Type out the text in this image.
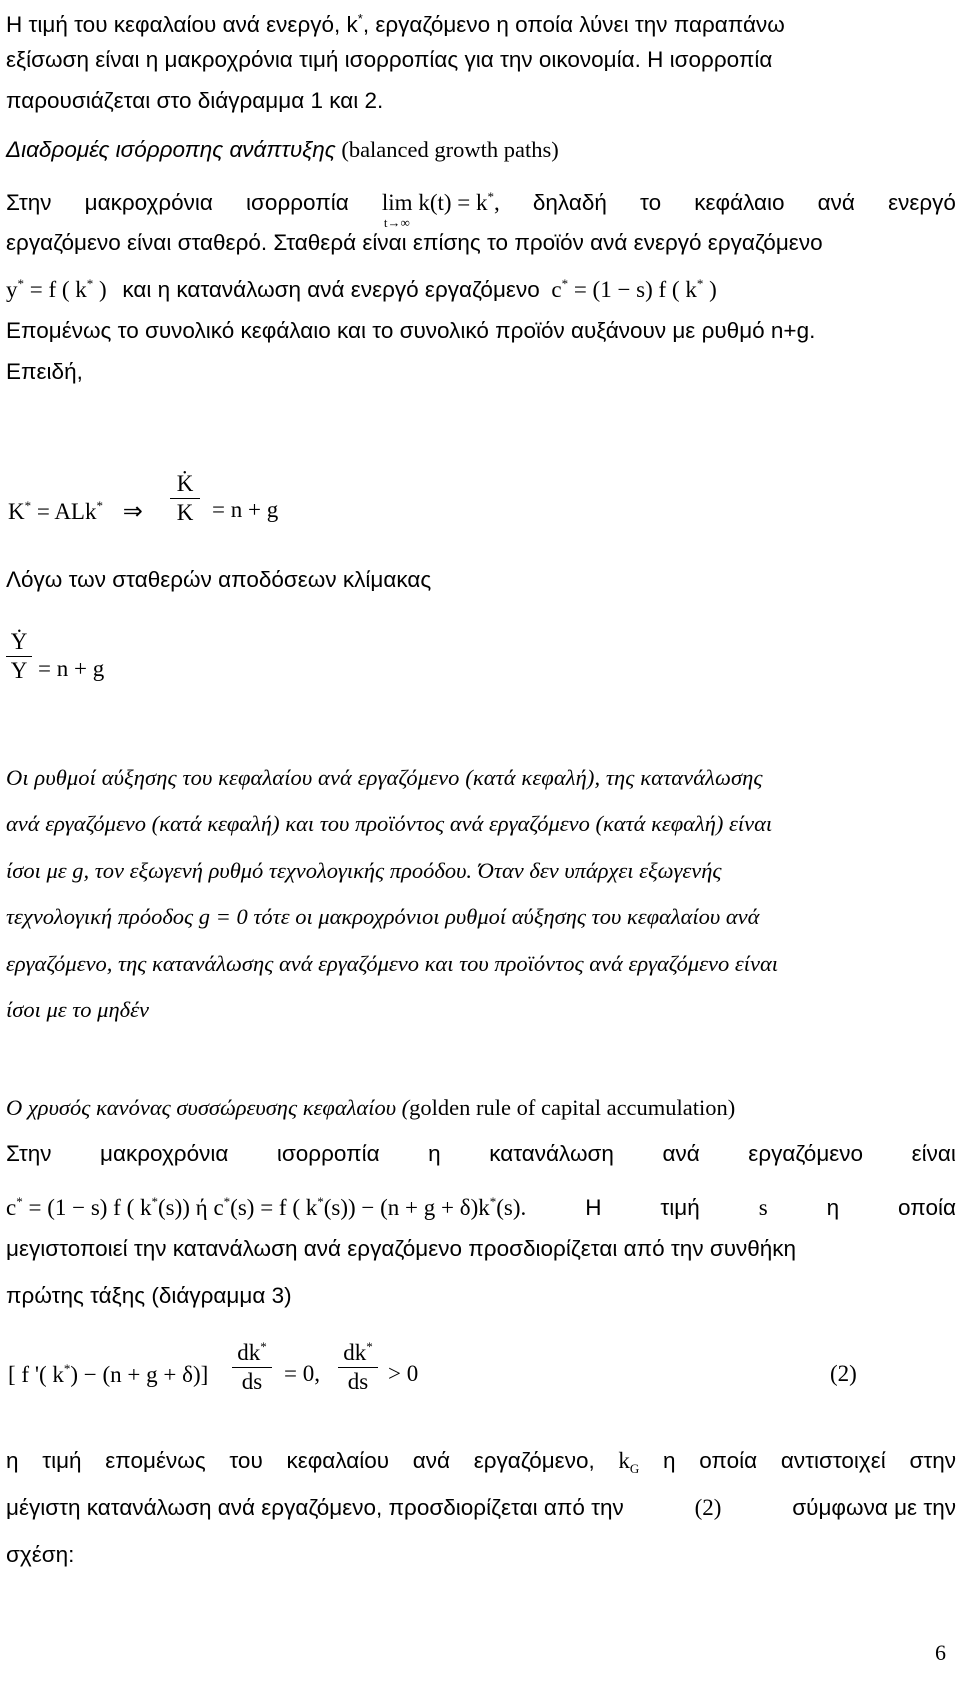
Η τιμή του κεφαλαίου ανά ενεργό, k*, εργαζόμενο η οποία λύνει την παραπάνω
εξίσωση είναι η μακροχρόνια τιμή ισορροπίας για την οικονομία. Η ισορροπία
παρουσιάζεται στο διάγραμμα 1 και 2.
Διαδρομές ισόρροπης ανάπτυξης (balanced growth paths)
Στην μακροχρόνια ισορροπία lim
t→∞
k(t) = k*, δηλαδή το κεφάλαιο ανά ενεργό
εργαζόμενο είναι σταθερό. Σταθερά είναι επίσης το προϊόν ανά ενεργό εργαζόμενο
y* = f ( k* ) και η κατανάλωση ανά ενεργό εργαζόμενο c* = (1 − s) f ( k* )
Επομένως το συνολικό κεφάλαιο και το συνολικό προϊόν αυξάνουν με ρυθμό n+g.
Επειδή,
K* = ALk* ⇒
K̇
K = n + g
Λόγω των σταθερών αποδόσεων κλίμακας
Ẏ
Y = n + g
Οι ρυθμοί αύξησης του κεφαλαίου ανά εργαζόμενο (κατά κεφαλή), της κατανάλωσης
ανά εργαζόμενο (κατά κεφαλή) και του προϊόντος ανά εργαζόμενο (κατά κεφαλή) είναι
ίσοι με g, τον εξωγενή ρυθμό τεχνολογικής προόδου. Όταν δεν υπάρχει εξωγενής
τεχνολογική πρόοδος g = 0 τότε οι μακροχρόνιοι ρυθμοί αύξησης του κεφαλαίου ανά
εργαζόμενο, της κατανάλωσης ανά εργαζόμενο και του προϊόντος ανά εργαζόμενο είναι
ίσοι με το μηδέν
Ο χρυσός κανόνας συσσώρευσης κεφαλαίου (golden rule of capital accumulation)
Στην μακροχρόνια ισορροπία η κατανάλωση ανά εργαζόμενο είναι
c* = (1 − s) f ( k*(s)) ή c*(s) = f ( k*(s)) − (n + g + δ)k*(s).	Η	τιμή	s	η	οποία
μεγιστοποιεί την κατανάλωση ανά εργαζόμενο προσδιορίζεται από την συνθήκη
πρώτης τάξης (διάγραμμα 3)
[ f '( k*) − (n + g + δ)]
dk*
ds = 0,
dk*
ds > 0	(2)
η τιμή επομένως του κεφαλαίου ανά εργαζόμενο, $k_G$ η οποία αντιστοιχεί στην
μέγιστη κατανάλωση ανά εργαζόμενο, προσδιορίζεται από την	(2)	σύμφωνα με την
σχέση:
6
